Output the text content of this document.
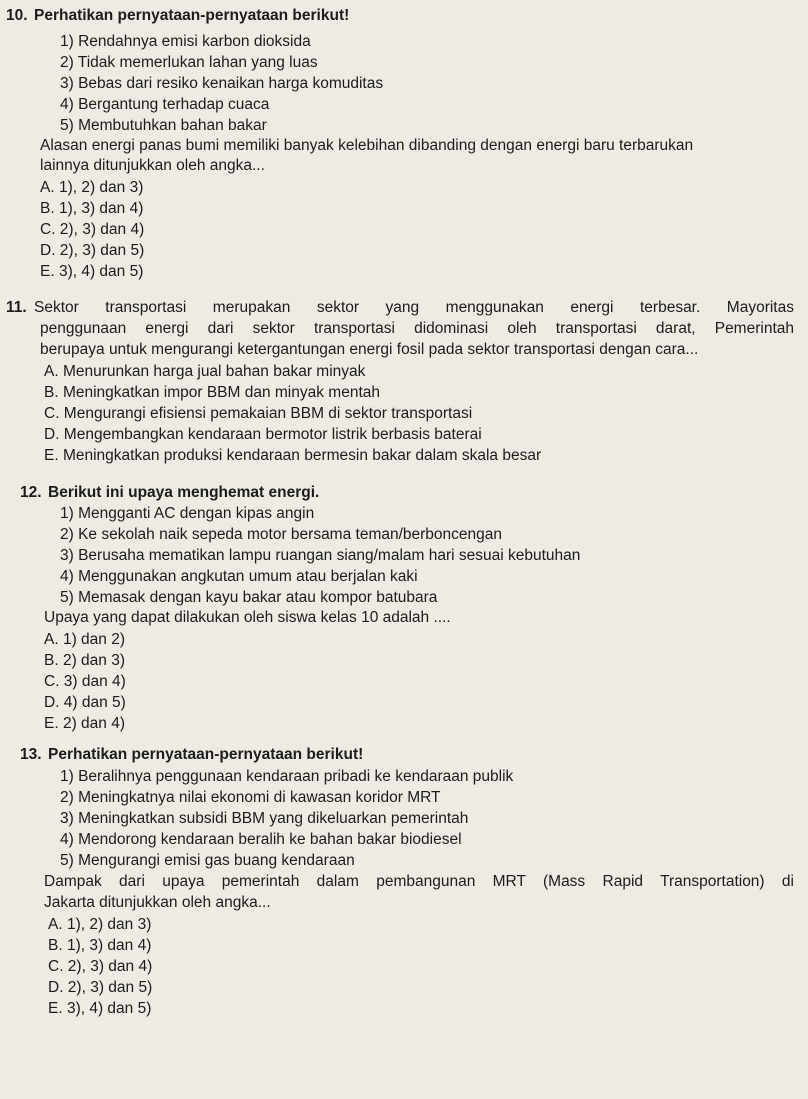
10. Perhatikan pernyataan-pernyataan berikut!
1) Rendahnya emisi karbon dioksida
2) Tidak memerlukan lahan yang luas
3) Bebas dari resiko kenaikan harga komuditas
4) Bergantung terhadap cuaca
5) Membutuhkan bahan bakar
Alasan energi panas bumi memiliki banyak kelebihan dibanding dengan energi baru terbarukan
lainnya ditunjukkan oleh angka...
A. 1), 2) dan 3)
B. 1), 3) dan 4)
C. 2), 3) dan 4)
D. 2), 3) dan 5)
E. 3), 4) dan 5)
11. Sektor transportasi merupakan sektor yang menggunakan energi terbesar. Mayoritas
penggunaan energi dari sektor transportasi didominasi oleh transportasi darat, Pemerintah
berupaya untuk mengurangi ketergantungan energi fosil pada sektor transportasi dengan cara...
A. Menurunkan harga jual bahan bakar minyak
B. Meningkatkan impor BBM dan minyak mentah
C. Mengurangi efisiensi pemakaian BBM di sektor transportasi
D. Mengembangkan kendaraan bermotor listrik berbasis baterai
E. Meningkatkan produksi kendaraan bermesin bakar dalam skala besar
12. Berikut ini upaya menghemat energi.
1) Mengganti AC dengan kipas angin
2) Ke sekolah naik sepeda motor bersama teman/berboncengan
3) Berusaha mematikan lampu ruangan siang/malam hari sesuai kebutuhan
4) Menggunakan angkutan umum atau berjalan kaki
5) Memasak dengan kayu bakar atau kompor batubara
Upaya yang dapat dilakukan oleh siswa kelas 10 adalah ....
A. 1) dan 2)
B. 2) dan 3)
C. 3) dan 4)
D. 4) dan 5)
E. 2) dan 4)
13. Perhatikan pernyataan-pernyataan berikut!
1) Beralihnya penggunaan kendaraan pribadi ke kendaraan publik
2) Meningkatnya nilai ekonomi di kawasan koridor MRT
3) Meningkatkan subsidi BBM yang dikeluarkan pemerintah
4) Mendorong kendaraan beralih ke bahan bakar biodiesel
5) Mengurangi emisi gas buang kendaraan
Dampak dari upaya pemerintah dalam pembangunan MRT (Mass Rapid Transportation) di
Jakarta ditunjukkan oleh angka...
A. 1), 2) dan 3)
B. 1), 3) dan 4)
C. 2), 3) dan 4)
D. 2), 3) dan 5)
E. 3), 4) dan 5)
